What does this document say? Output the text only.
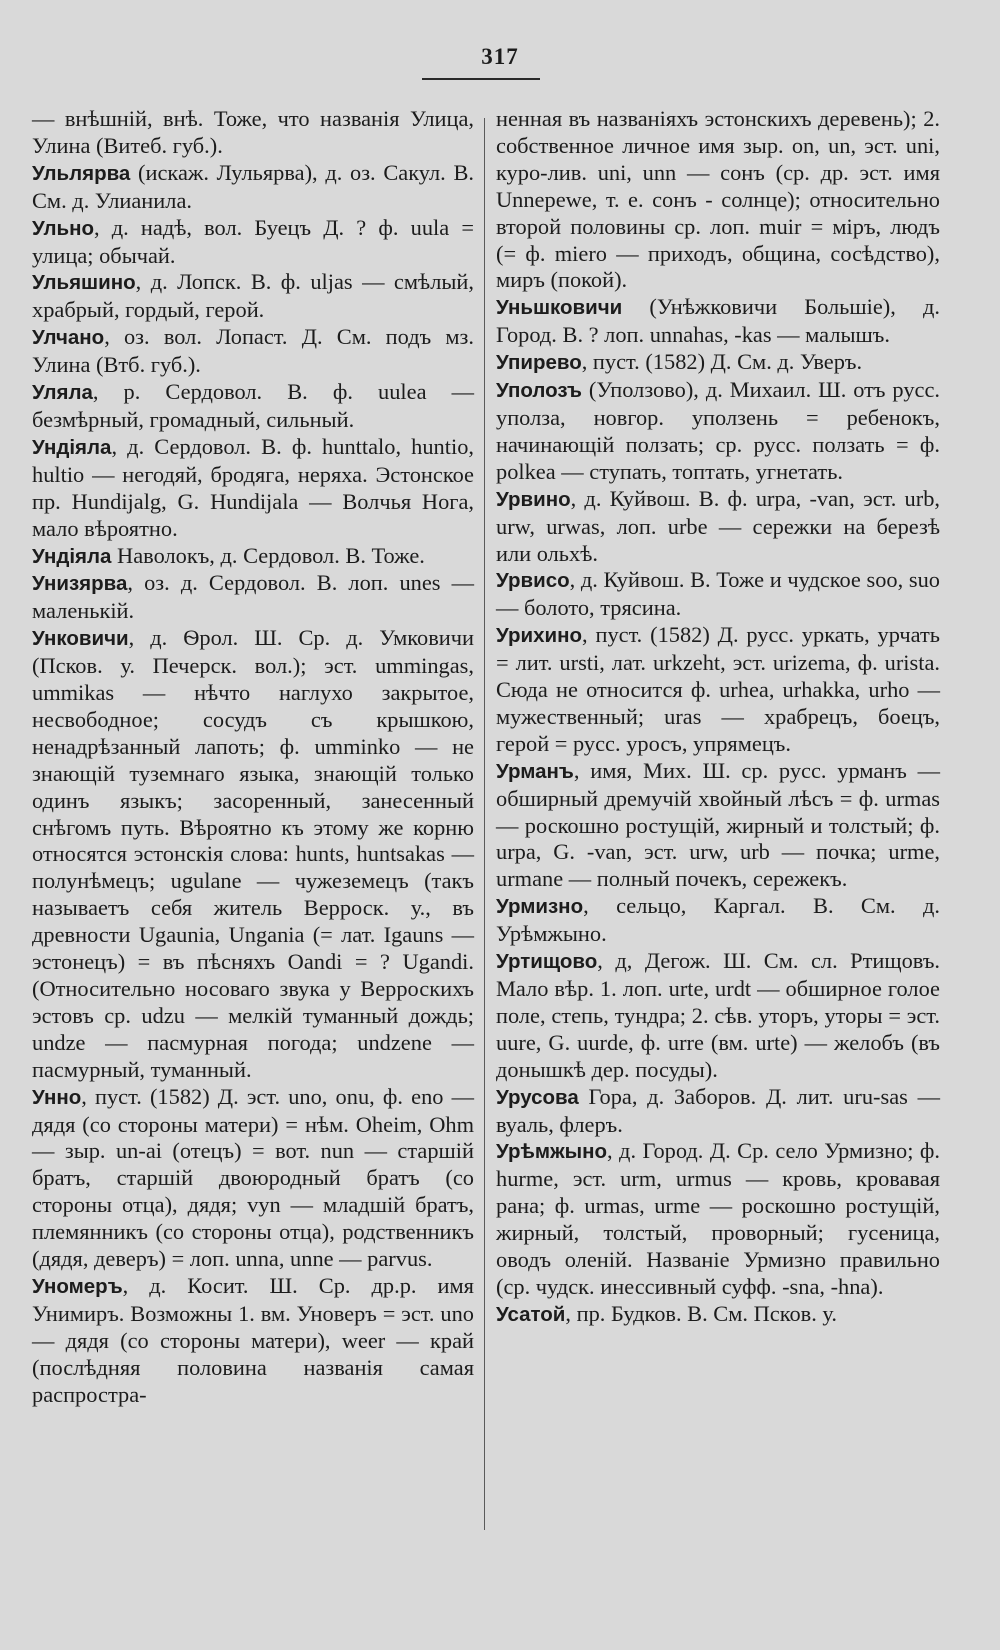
317

— внѣшній, внѣ. Тоже, что названія Улица, Улина (Витеб. губ.).

Ульлярва (искаж. Лульярва), д. оз. Сакул. В. См. д. Улианила.

Ульно, д. надѣ, вол. Буецъ Д. ? ф. uula = улица; обычай.

Ульяшино, д. Лопск. В. ф. uljas — смѣлый, храбрый, гордый, герой.

Улчано, оз. вол. Лопаст. Д. См. подъ мз. Улина (Втб. губ.).

Уляла, р. Сердовол. В. ф. uulea — безмѣрный, громадный, сильный.

Ундіяла, д. Сердовол. В. ф. hunttalo, huntio, hultio — негодяй, бродяга, неряха. Эстонское пр. Hundijalg, G. Hundijala — Волчья Нога, мало вѣроятно.

Ундіяла Наволокъ, д. Сердовол. В. Тоже.

Унизярва, оз. д. Сердовол. В. лоп. unes — маленькій.

Унковичи, д. Ѳрол. Ш. Ср. д. Умковичи (Псков. у. Печерск. вол.); эст. ummingas, ummikas — нѣчто наглухо закрытое, несвободное; сосудъ съ крышкою, ненадрѣзанный лапоть; ф. umminko — не знающій туземнаго языка, знающій только одинъ языкъ; засоренный, занесенный снѣгомъ путь. Вѣроятно къ этому же корню относятся эстонскія слова: hunts, huntsakas — полунѣмецъ; ugulane — чужеземецъ (такъ называетъ себя житель Верроск. у., въ древности Ugaunia, Ungania (= лат. Igauns — эстонецъ) = въ пѣсняхъ Oandi = ? Ugandi. (Относительно носоваго звука у Верроскихъ эстовъ ср. udzu — мелкій туманный дождь; undze — пасмурная погода; undzene — пасмурный, туманный.

Унно, пуст. (1582) Д. эст. uno, onu, ф. eno — дядя (со стороны матери) = нѣм. Oheim, Ohm — зыр. un-ai (отецъ) = вот. nun — старшій братъ, старшій двоюродный братъ (со стороны отца), дядя; vyn — младшій братъ, племянникъ (со стороны отца), родственникъ (дядя, деверъ) = лоп. unna, unne — parvus.

Уномеръ, д. Косит. Ш. Ср. др.р. имя Унимиръ. Возможны 1. вм. Уноверъ = эст. uno — дядя (со стороны матери), weer — край (послѣдняя половина названія самая распростра-

ненная въ названіяхъ эстонскихъ деревень); 2. собственное личное имя зыр. on, un, эст. uni, куро-лив. uni, unn — сонъ (ср. др. эст. имя Unnepewe, т. е. сонъ - солнце); относительно второй половины ср. лоп. muir = міръ, людъ (= ф. miero — приходъ, община, сосѣдство), миръ (покой).

Уньшковичи (Унѣжковичи Большіе), д. Город. В. ? лоп. unnahas, -kas — малышъ.

Упирево, пуст. (1582) Д. См. д. Уверъ.

Уполозъ (Уползово), д. Михаил. Ш. отъ русс. уполза, новгор. уползень = ребенокъ, начинающій ползать; ср. русс. ползать = ф. polkea — ступать, топтать, угнетать.

Урвино, д. Куйвош. В. ф. urpa, -van, эст. urb, urw, urwas, лоп. urbe — сережки на березѣ или ольхѣ.

Урвисо, д. Куйвош. В. Тоже и чудское soo, suo — болото, трясина.

Урихино, пуст. (1582) Д. русс. уркать, урчать = лит. ursti, лат. urkzeht, эст. urizema, ф. urista. Сюда не относится ф. urhea, urhakka, urho — мужественный; uras — храбрецъ, боецъ, герой = русс. уросъ, упрямецъ.

Урманъ, имя, Мих. Ш. ср. русс. урманъ — обширный дремучій хвойный лѣсъ = ф. urmas — роскошно ростущій, жирный и толстый; ф. urpa, G. -van, эст. urw, urb — почка; urme, urmane — полный почекъ, сережекъ.

Урмизно, сельцо, Каргал. В. См. д. Урѣмжыно.

Уртищово, д, Дегож. Ш. См. сл. Ртищовъ. Мало вѣр. 1. лоп. urte, urdt — обширное голое поле, степь, тундра; 2. сѣв. уторъ, уторы = эст. uure, G. uurde, ф. urre (вм. urte) — желобъ (въ донышкѣ дер. посуды).

Урусова Гора, д. Заборов. Д. лит. uru-sas — вуаль, флеръ.

Урѣмжыно, д. Город. Д. Ср. село Урмизно; ф. hurme, эст. urm, urmus — кровь, кровавая рана; ф. urmas, urme — роскошно ростущій, жирный, толстый, проворный; гусеница, оводъ оленій. Названіе Урмизно правильно (ср. чудск. инессивный суфф. -sna, -hna).

Усатой, пр. Будков. В. См. Псков. у.
